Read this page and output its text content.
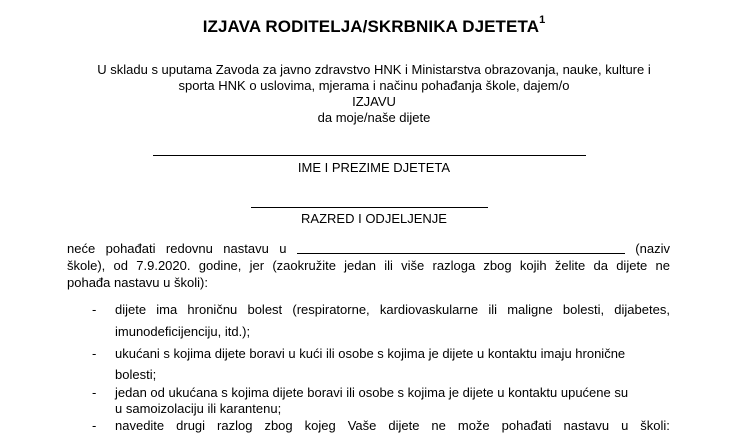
IZJAVA RODITELJA/SKRBNIKA DJETETA$^1$
U skladu s uputama Zavoda za javno zdravstvo HNK i Ministarstva obrazovanja, nauke, kulture i
sporta HNK o uslovima, mjerama i načinu pohađanja škole, dajem/o
IZJAVU
da moje/naše dijete
IME I PREZIME DJETETA
RAZRED I ODJELJENJE
neće pohađati redovnu nastavu u	(naziv
škole), od 7.9.2020. godine, jer (zaokružite jedan ili više razloga zbog kojih želite da dijete ne
pohađa nastavu u školi):
- dijete ima hroničnu bolest (respiratorne, kardiovaskularne ili maligne bolesti, dijabetes,
imunodeficijenciju, itd.);
- ukućani s kojima dijete boravi u kući ili osobe s kojima je dijete u kontaktu imaju hronične
bolesti;
- jedan od ukućana s kojima dijete boravi ili osobe s kojima je dijete u kontaktu upućene su
u samoizolaciju ili karantenu;
- navedite drugi razlog zbog kojeg Vaše dijete ne može pohađati nastavu u školi:
